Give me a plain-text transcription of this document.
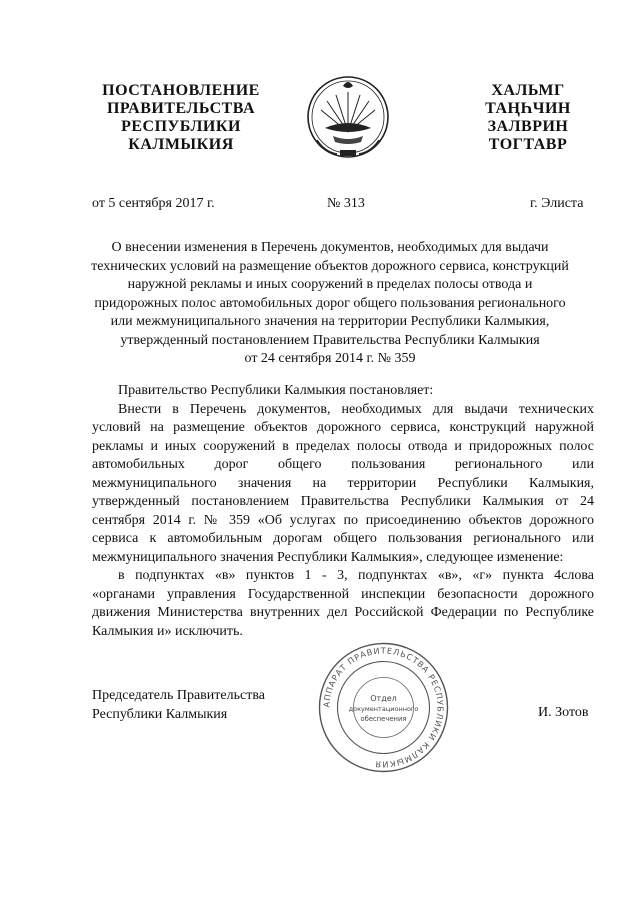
ПОСТАНОВЛЕНИЕ
ПРАВИТЕЛЬСТВА
РЕСПУБЛИКИ
КАЛМЫКИЯ
ХАЛЬМГ
ТАҢҺЧИН
ЗАЛВРИН
ТОГТАВР
от 5 сентября 2017 г.	№ 313	г. Элиста
О внесении изменения в Перечень документов, необходимых для выдачи
технических условий на размещение объектов дорожного сервиса, конструкций
наружной рекламы и иных сооружений в пределах полосы отвода и
придорожных полос автомобильных дорог общего пользования регионального
или межмуниципального значения на территории Республики Калмыкия,
утвержденный постановлением Правительства Республики Калмыкия
от 24 сентября 2014 г. № 359
Правительство Республики Калмыкия постановляет:
Внести в Перечень документов, необходимых для выдачи технических
условий на размещение объектов дорожного сервиса, конструкций наружной
рекламы и иных сооружений в пределах полосы отвода и придорожных полос
автомобильных дорог общего пользования регионального или
межмуниципального значения на территории Республики Калмыкия,
утвержденный постановлением Правительства Республики Калмыкия от 24
сентября 2014 г. № 359 «Об услугах по присоединению объектов дорожного
сервиса к автомобильным дорогам общего пользования регионального или
межмуниципального значения Республики Калмыкия», следующее изменение:
в подпунктах «в» пунктов 1 - 3, подпунктах «в», «г» пункта 4слова
«органами управления Государственной инспекции безопасности дорожного
движения Министерства внутренних дел Российской Федерации по Республике
Калмыкия и» исключить.
АППАРАТ ПРАВИТЕЛЬСТВА РЕСПУБЛИКИ КАЛМЫКИЯ
Отдел
документационного
обеспечения
Председатель Правительства
Республики Калмыкия	И. Зотов
